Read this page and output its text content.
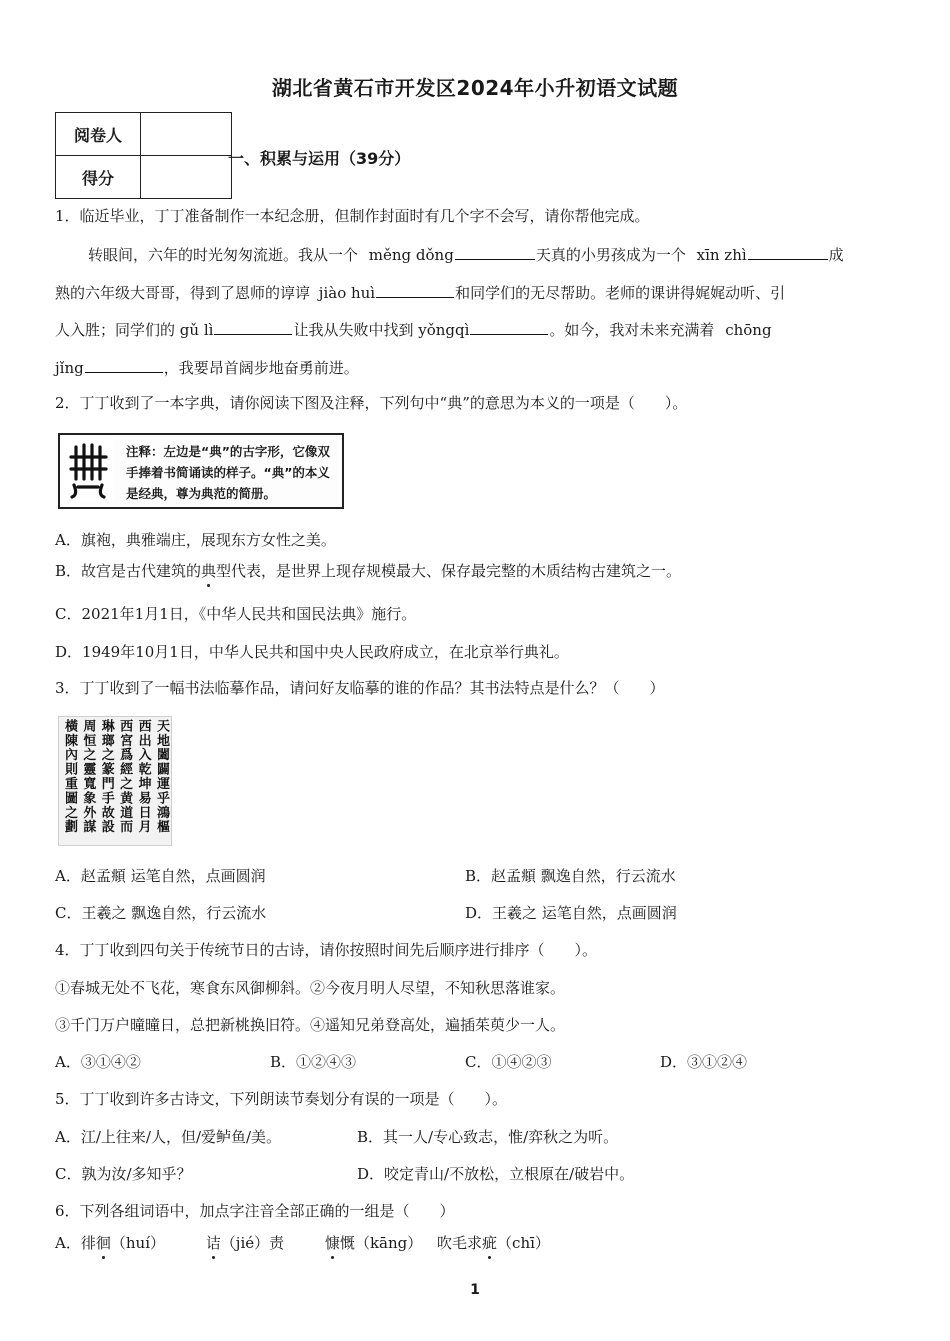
湖北省黄石市开发区2024年小升初语文试题
阅卷人	
得分	
一、积累与运用（39分）
1．临近毕业，丁丁准备制作一本纪念册，但制作封面时有几个字不会写，请你帮他完成。
转眼间，六年的时光匆匆流逝。我从一个 měng dǒng	天真的小男孩成为一个 xīn zhì	成
熟的六年级大哥哥，得到了恩师的谆谆 jiào huì	和同学们的无尽帮助。老师的课讲得娓娓动听、引
人入胜；同学们的 gǔ lì	让我从失败中找到 yǒngqì	。如今，我对未来充满着 chōng
jǐng	，我要昂首阔步地奋勇前进。
2．丁丁收到了一本字典，请你阅读下图及注释，下列句中“典”的意思为本义的一项是（　　）。
注释：左边是“典”的古字形，它像双手捧着书简诵读的样子。“典”的本义是经典，尊为典范的简册。
A．旗袍，典雅端庄，展现东方女性之美。
B．故宫是古代建筑的典型代表，是世界上现存规模最大、保存最完整的木质结构古建筑之一。
C．2021年1月1日，《中华人民共和国民法典》施行。
D．1949年10月1日，中华人民共和国中央人民政府成立，在北京举行典礼。
3．丁丁收到了一幅书法临摹作品，请问好友临摹的谁的作品？其书法特点是什么？（　　）
天地闔闢運乎鴻樞
西出入乾坤易日月
西宮爲經之黄道而
琳瑯之篆門手故設
周恒之靈寬象外謀
橫陳內則重圖之劃
A．赵孟頫 运笔自然，点画圆润	B．赵孟頫 飘逸自然，行云流水
C．王羲之 飘逸自然，行云流水	D．王羲之 运笔自然，点画圆润
4．丁丁收到四句关于传统节日的古诗，请你按照时间先后顺序进行排序（　　）。
①春城无处不飞花，寒食东风御柳斜。②今夜月明人尽望，不知秋思落谁家。
③千门万户曈曈日，总把新桃换旧符。④遥知兄弟登高处，遍插茱萸少一人。
A．③①④②	B．①②④③	C．①④②③	D．③①②④
5．丁丁收到许多古诗文，下列朗读节奏划分有误的一项是（　　）。
A．江/上往来/人，但/爱鲈鱼/美。	B．其一人/专心致志，惟/弈秋之为听。
C．孰为汝/多知乎？	D．咬定青山/不放松，立根原在/破岩中。
6．下列各组词语中，加点字注音全部正确的一组是（　　）
A．徘徊（huí）	诘（jié）责	慷慨（kāng） 吹毛求疵（chī）
1
